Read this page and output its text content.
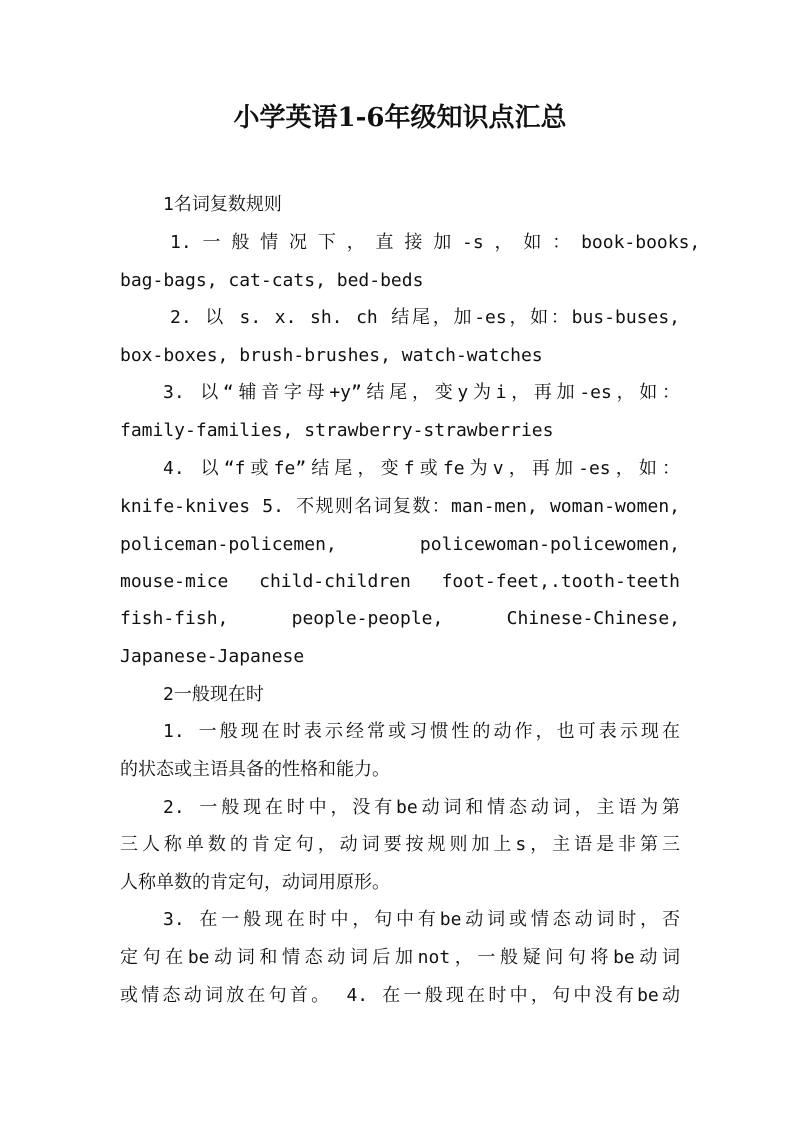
小学英语1-6年级知识点汇总
1名词复数规则
1. 一 般 情 况 下 ， 直 接 加 -s ， 如 ： book-books,
bag-bags, cat-cats, bed-beds
2. 以 s. x. sh. ch 结尾，加-es，如：bus-buses,
box-boxes, brush-brushes, watch-watches
3. 以“辅音字母+y”结尾，变y为i，再加-es，如：
family-families, strawberry-strawberries
4. 以“f或fe”结尾，变f或fe为v，再加-es，如：
knife-knives 5. 不规则名词复数：man-men, woman-women,
policeman-policemen, policewoman-policewomen,
mouse-mice child-children foot-feet,.tooth-teeth
fish-fish, people-people, Chinese-Chinese,
Japanese-Japanese
2一般现在时
1. 一般现在时表示经常或习惯性的动作，也可表示现在
的状态或主语具备的性格和能力。
2. 一般现在时中，没有be动词和情态动词，主语为第
三人称单数的肯定句，动词要按规则加上s，主语是非第三
人称单数的肯定句，动词用原形。
3. 在一般现在时中，句中有be动词或情态动词时，否
定句在be动词和情态动词后加not，一般疑问句将be动词
或情态动词放在句首。 4. 在一般现在时中，句中没有be动
